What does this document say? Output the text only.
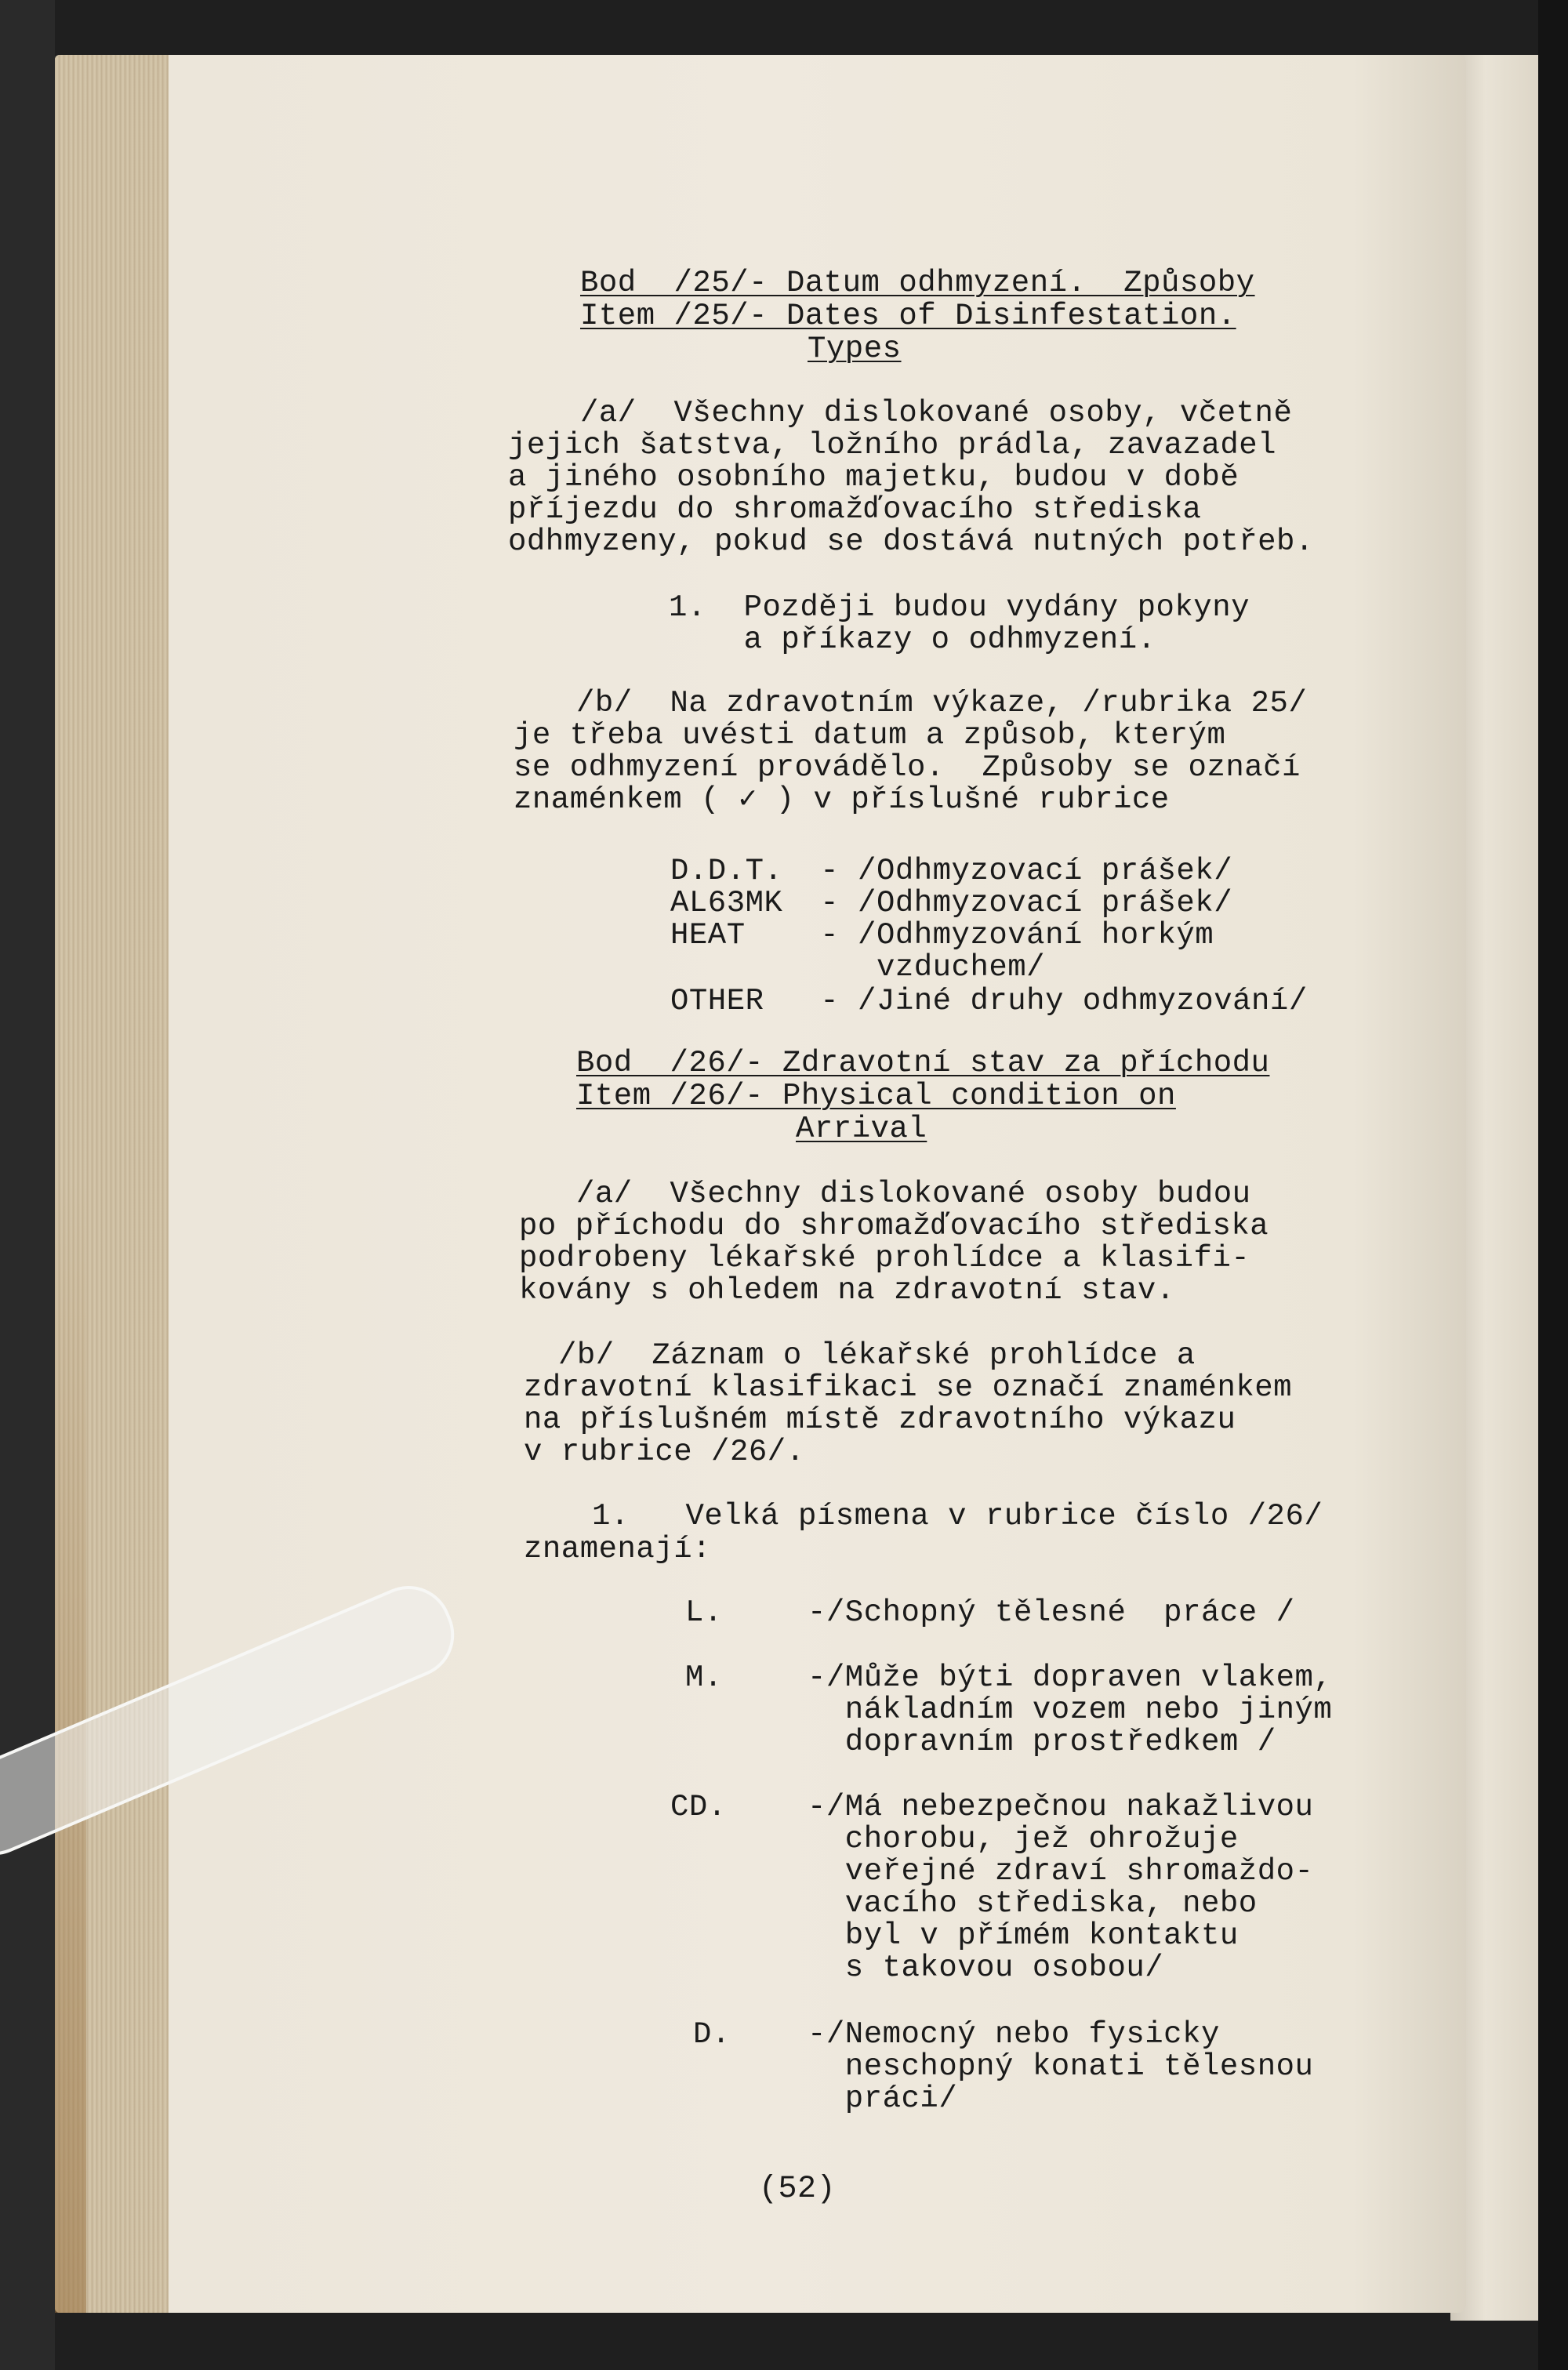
Bod  /25/- Datum odhmyzení.  Způsoby
Item /25/- Dates of Disinfestation.
Types
/a/  Všechny dislokované osoby, včetně
jejich šatstva, ložního prádla, zavazadel
a jiného osobního majetku, budou v době
příjezdu do shromažďovacího střediska
odhmyzeny, pokud se dostává nutných potřeb.
1.  Později budou vydány pokyny
a příkazy o odhmyzení.
/b/  Na zdravotním výkaze, /rubrika 25/
je třeba uvésti datum a způsob, kterým
se odhmyzení provádělo.  Způsoby se označí
znaménkem ( ✓ ) v příslušné rubrice
D.D.T.  - /Odhmyzovací prášek/
AL63MK  - /Odhmyzovací prášek/
HEAT    - /Odhmyzování horkým
vzduchem/
OTHER   - /Jiné druhy odhmyzování/
Bod  /26/- Zdravotní stav za příchodu
Item /26/- Physical condition on
Arrival
/a/  Všechny dislokované osoby budou
po příchodu do shromažďovacího střediska
podrobeny lékařské prohlídce a klasifi-
kovány s ohledem na zdravotní stav.
/b/  Záznam o lékařské prohlídce a
zdravotní klasifikaci se označí znaménkem
na příslušném místě zdravotního výkazu
v rubrice /26/.
1.   Velká písmena v rubrice číslo /26/
znamenají:
L.	-/Schopný tělesné  práce /
M.	-/Může býti dopraven vlakem,
nákladním vozem nebo jiným
dopravním prostředkem /
CD.	-/Má nebezpečnou nakažlivou
chorobu, jež ohrožuje
veřejné zdraví shromaždo-
vacího střediska, nebo
byl v přímém kontaktu
s takovou osobou/
D.	-/Nemocný nebo fysicky
neschopný konati tělesnou
práci/
(52)
